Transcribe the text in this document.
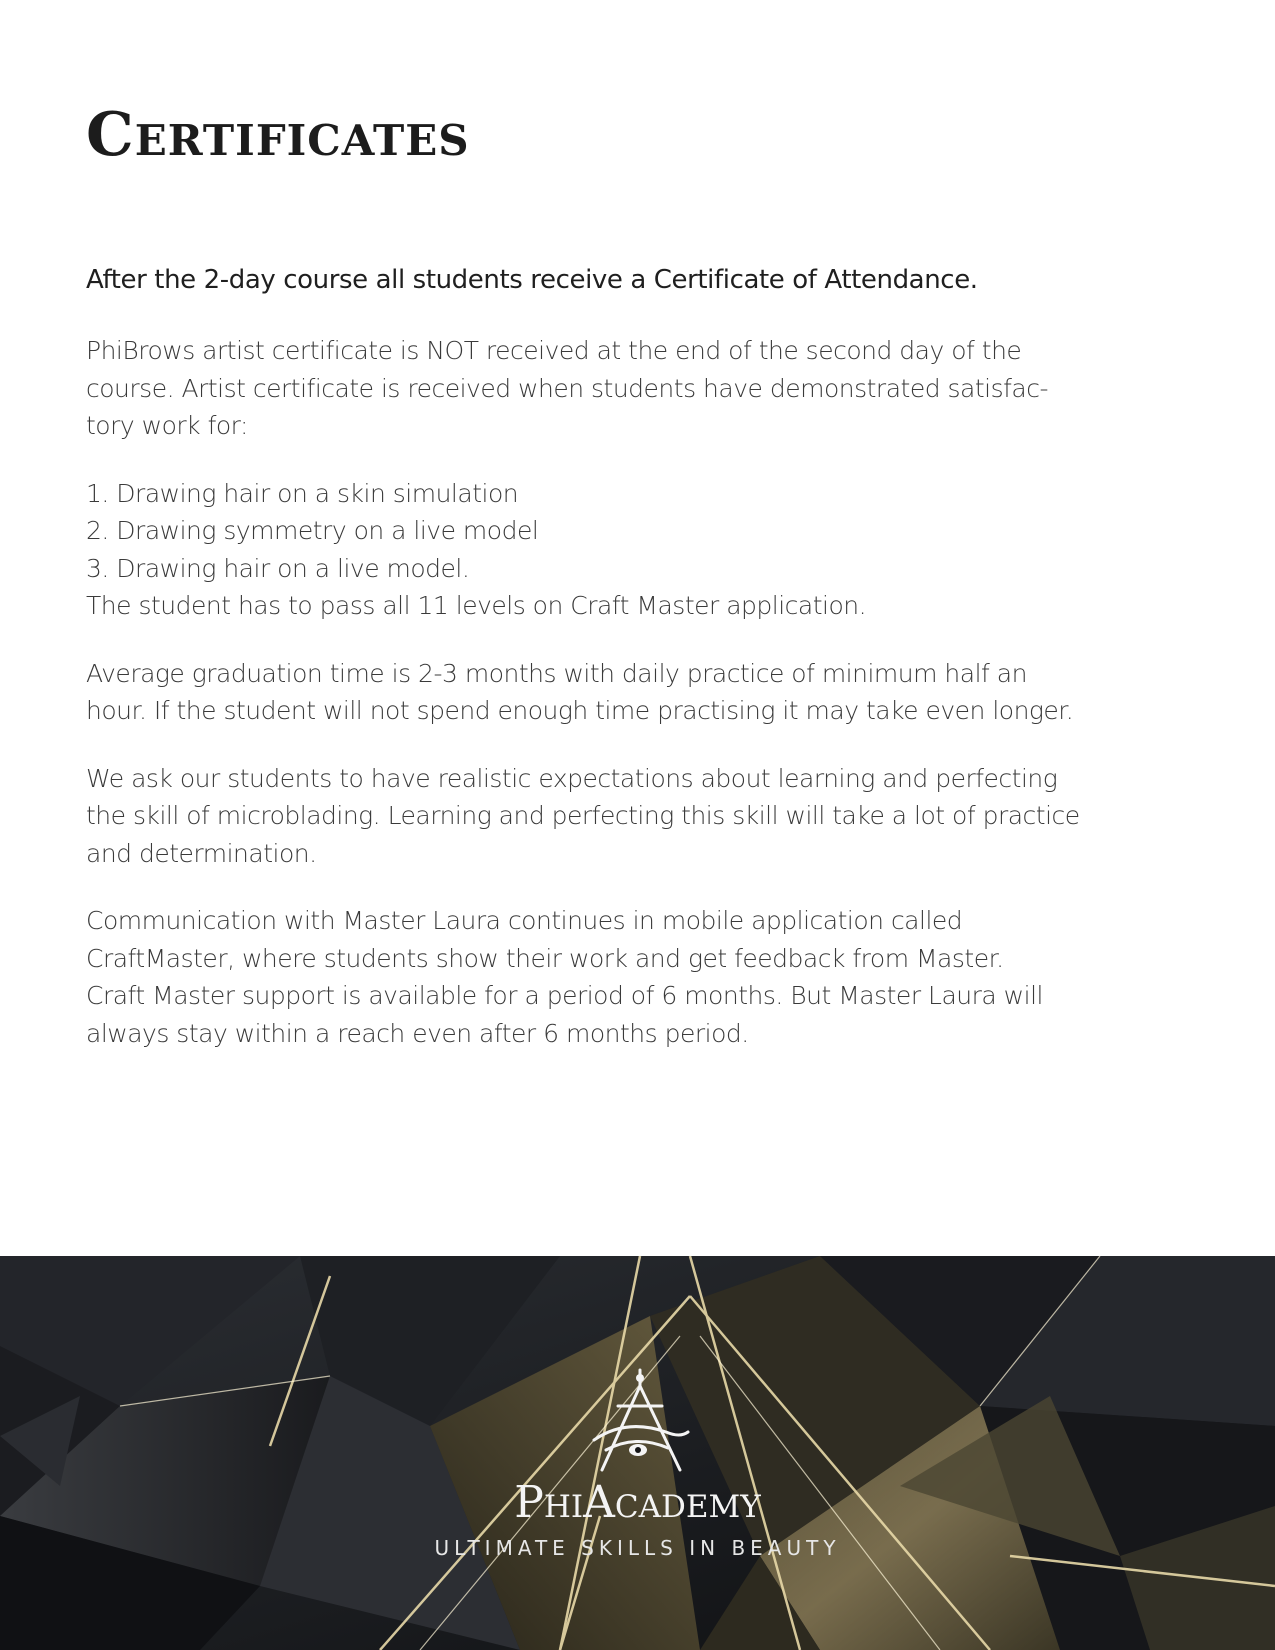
Certificates

After the 2-day course all students receive a Certificate of Attendance.

PhiBrows artist certificate is NOT received at the end of the second day of the
course. Artist certificate is received when students have demonstrated satisfac-
tory work for:
1. Drawing hair on a skin simulation
2. Drawing symmetry on a live model
3. Drawing hair on a live model.
The student has to pass all 11 levels on Craft Master application.
Average graduation time is 2-3 months with daily practice of minimum half an
hour. If the student will not spend enough time practising it may take even longer.
We ask our students to have realistic expectations about learning and perfecting
the skill of microblading. Learning and perfecting this skill will take a lot of practice
and determination.
Communication with Master Laura continues in mobile application called
CraftMaster, where students show their work and get feedback from Master.
Craft Master support is available for a period of 6 months. But Master Laura will
always stay within a reach even after 6 months period.
PhiAcademy
ULTIMATE SKILLS IN BEAUTY
